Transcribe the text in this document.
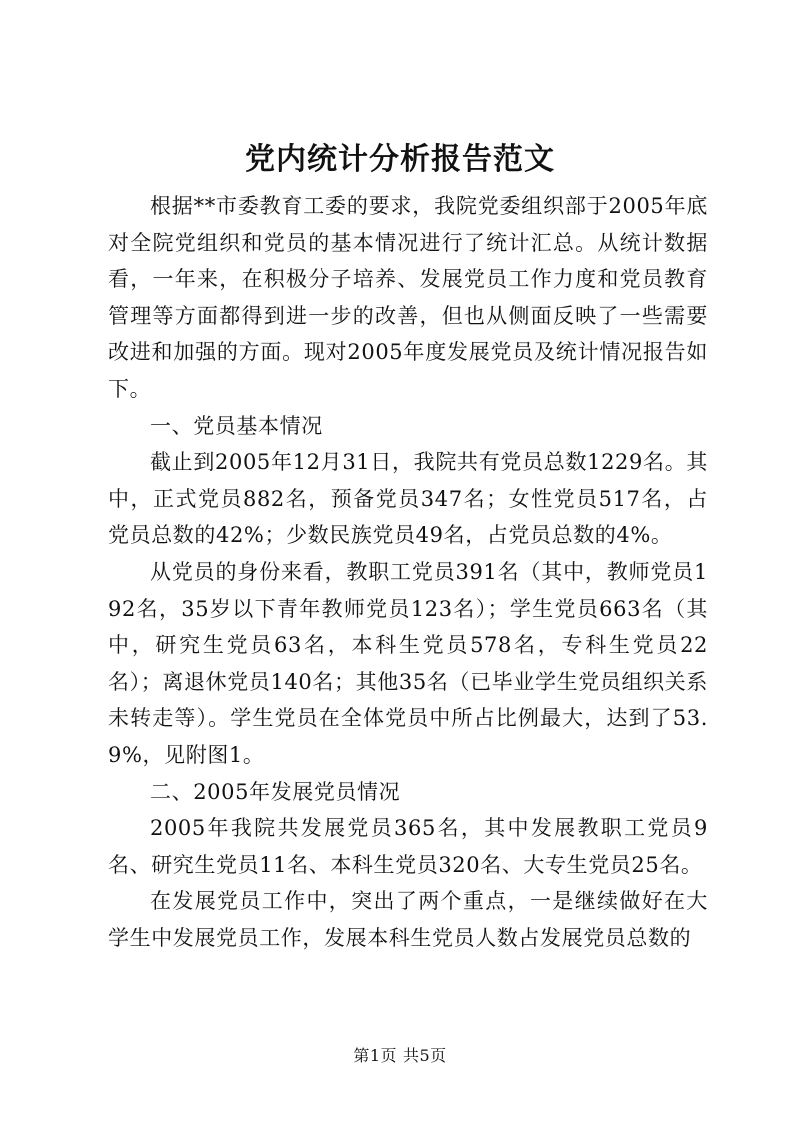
党内统计分析报告范文

根据**市委教育工委的要求，我院党委组织部于2005年底对全院党组织和党员的基本情况进行了统计汇总。从统计数据看，一年来，在积极分子培养、发展党员工作力度和党员教育管理等方面都得到进一步的改善，但也从侧面反映了一些需要改进和加强的方面。现对2005年度发展党员及统计情况报告如下。

一、党员基本情况

截止到2005年12月31日，我院共有党员总数1229名。其中，正式党员882名，预备党员347名；女性党员517名，占党员总数的42%；少数民族党员49名，占党员总数的4%。

从党员的身份来看，教职工党员391名（其中，教师党员192名，35岁以下青年教师党员123名）；学生党员663名（其中，研究生党员63名，本科生党员578名，专科生党员22名）；离退休党员140名；其他35名（已毕业学生党员组织关系未转走等）。学生党员在全体党员中所占比例最大，达到了53.9%，见附图1。

二、2005年发展党员情况

2005年我院共发展党员365名，其中发展教职工党员9名、研究生党员11名、本科生党员320名、大专生党员25名。

在发展党员工作中，突出了两个重点，一是继续做好在大学生中发展党员工作，发展本科生党员人数占发展党员总数的

第1页 共5页
